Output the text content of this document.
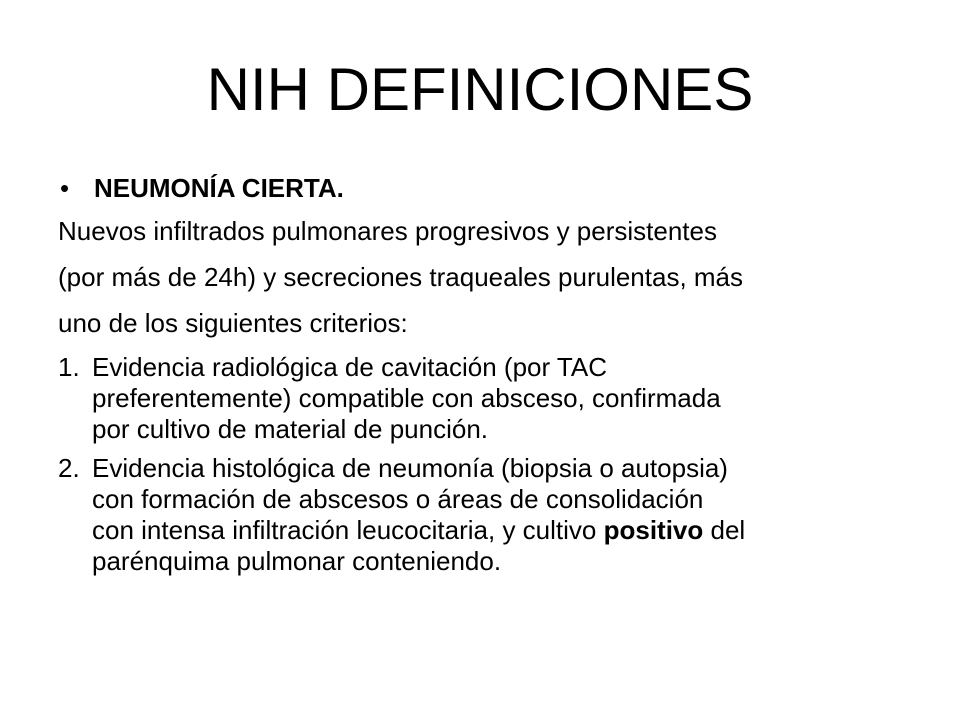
NIH DEFINICIONES
• NEUMONÍA CIERTA.
Nuevos infiltrados pulmonares progresivos y persistentes
(por más de 24h) y secreciones traqueales purulentas, más
uno de los siguientes criterios:
1. Evidencia radiológica de cavitación (por TAC
preferentemente) compatible con absceso, confirmada
por cultivo de material de punción.
2. Evidencia histológica de neumonía (biopsia o autopsia)
con formación de abscesos o áreas de consolidación
con intensa infiltración leucocitaria, y cultivo positivo del
parénquima pulmonar conteniendo.
